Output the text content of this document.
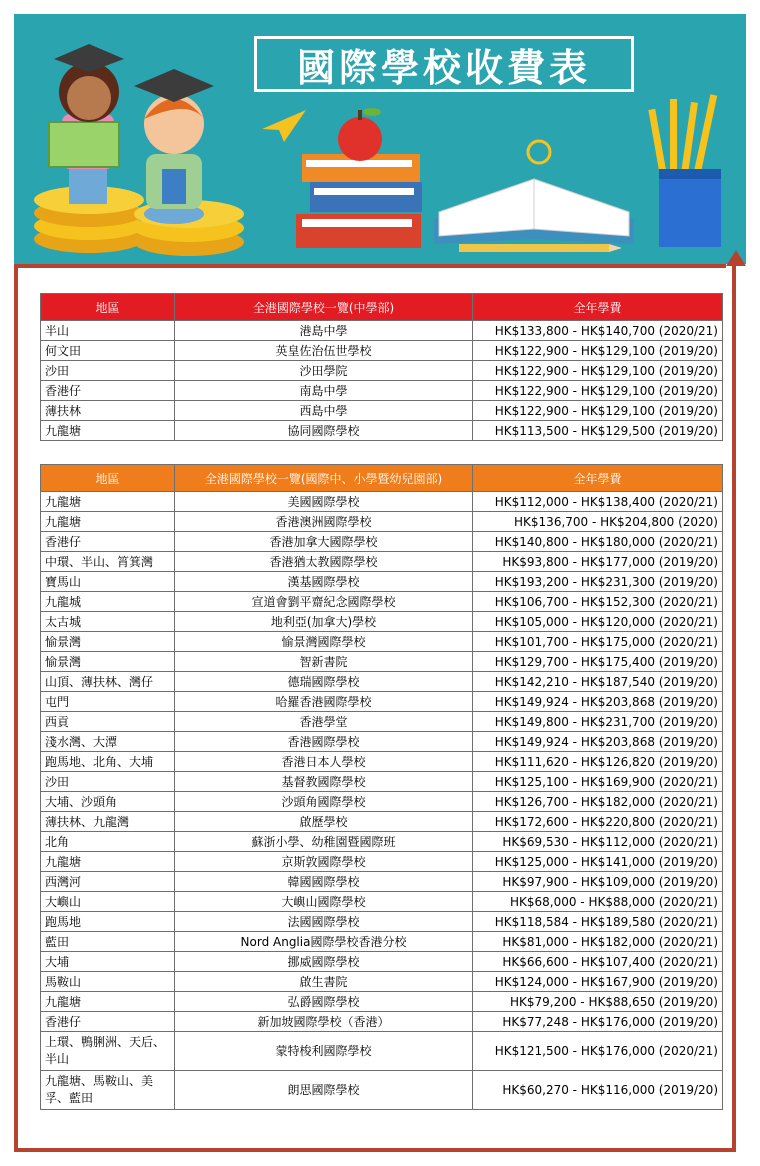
國際學校收費表
地區	全港國際學校一覽(中學部)	全年學費
半山	港島中學	HK$133,800 - HK$140,700 (2020/21)
何文田	英皇佐治伍世學校	HK$122,900 - HK$129,100 (2019/20)
沙田	沙田學院	HK$122,900 - HK$129,100 (2019/20)
香港仔	南島中學	HK$122,900 - HK$129,100 (2019/20)
薄扶林	西島中學	HK$122,900 - HK$129,100 (2019/20)
九龍塘	協同國際學校	HK$113,500 - HK$129,500 (2019/20)
地區	全港國際學校一覽(國際中、小學暨幼兒園部)	全年學費
九龍塘	美國國際學校	HK$112,000 - HK$138,400 (2020/21)
九龍塘	香港澳洲國際學校	HK$136,700 - HK$204,800 (2020)
香港仔	香港加拿大國際學校	HK$140,800 - HK$180,000 (2020/21)
中環、半山、筲箕灣	香港猶太教國際學校	HK$93,800 - HK$177,000 (2019/20)
寶馬山	漢基國際學校	HK$193,200 - HK$231,300 (2019/20)
九龍城	宣道會劉平齋紀念國際學校	HK$106,700 - HK$152,300 (2020/21)
太古城	地利亞(加拿大)學校	HK$105,000 - HK$120,000 (2020/21)
愉景灣	愉景灣國際學校	HK$101,700 - HK$175,000 (2020/21)
愉景灣	智新書院	HK$129,700 - HK$175,400 (2019/20)
山頂、薄扶林、灣仔	德瑞國際學校	HK$142,210 - HK$187,540 (2019/20)
屯門	哈羅香港國際學校	HK$149,924 - HK$203,868 (2019/20)
西貢	香港學堂	HK$149,800 - HK$231,700 (2019/20)
淺水灣、大潭	香港國際學校	HK$149,924 - HK$203,868 (2019/20)
跑馬地、北角、大埔	香港日本人學校	HK$111,620 - HK$126,820 (2019/20)
沙田	基督教國際學校	HK$125,100 - HK$169,900 (2020/21)
大埔、沙頭角	沙頭角國際學校	HK$126,700 - HK$182,000 (2020/21)
薄扶林、九龍灣	啟歷學校	HK$172,600 - HK$220,800 (2020/21)
北角	蘇浙小學、幼稚園暨國際班	HK$69,530 - HK$112,000 (2020/21)
九龍塘	京斯敦國際學校	HK$125,000 - HK$141,000 (2019/20)
西灣河	韓國國際學校	HK$97,900 - HK$109,000 (2019/20)
大嶼山	大嶼山國際學校	HK$68,000 - HK$88,000 (2020/21)
跑馬地	法國國際學校	HK$118,584 - HK$189,580 (2020/21)
藍田	Nord Anglia國際學校香港分校	HK$81,000 - HK$182,000 (2020/21)
大埔	挪威國際學校	HK$66,600 - HK$107,400 (2020/21)
馬鞍山	啟生書院	HK$124,000 - HK$167,900 (2019/20)
九龍塘	弘爵國際學校	HK$79,200 - HK$88,650 (2019/20)
香港仔	新加坡國際學校（香港）	HK$77,248 - HK$176,000 (2019/20)
上環、鴨脷洲、天后、半山	蒙特梭利國際學校	HK$121,500 - HK$176,000 (2020/21)
九龍塘、馬鞍山、美孚、藍田	朗思國際學校	HK$60,270 - HK$116,000 (2019/20)
